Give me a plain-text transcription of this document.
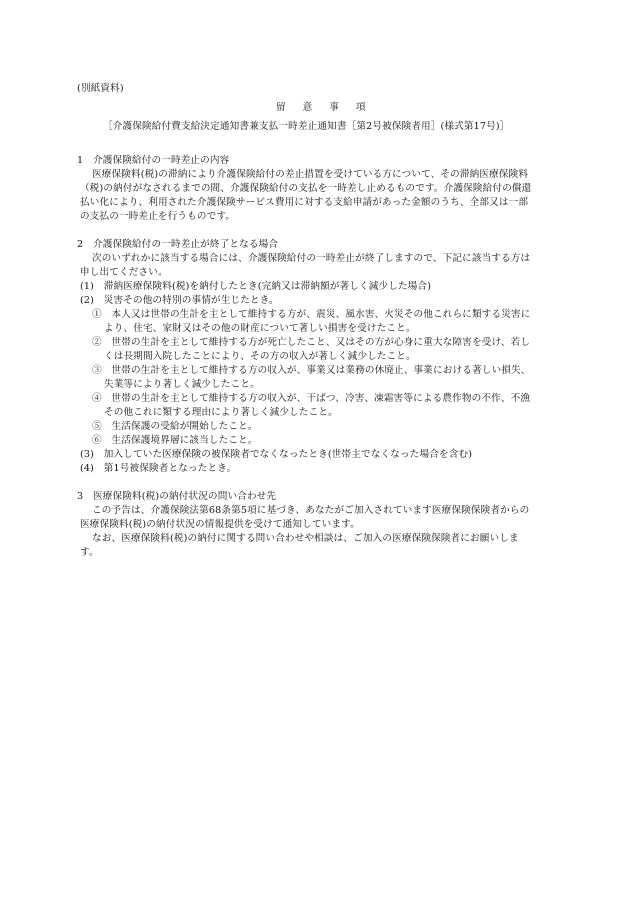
(別紙資料)
留 意 事 項
［介護保険給付費支給決定通知書兼支払一時差止通知書［第2号被保険者用］(様式第17号)］
1　介護保険給付の一時差止の内容
医療保険料(税)の滞納により介護保険給付の差止措置を受けている方について、その滞納医療保険料
（税)の納付がなされるまでの間、介護保険給付の支払を一時差し止めるものです。介護保険給付の償還
払い化により、利用された介護保険サービス費用に対する支給申請があった金額のうち、全部又は一部
の支払の一時差止を行うものです。
2　介護保険給付の一時差止が終了となる場合
次のいずれかに該当する場合には、介護保険給付の一時差止が終了しますので、下記に該当する方は
申し出てください。
(1)　滞納医療保険料(税)を納付したとき(完納又は滞納額が著しく減少した場合)
(2)　災害その他の特別の事情が生じたとき。
①　本人又は世帯の生計を主として維持する方が、震災、風水害、火災その他これらに類する災害に
より、住宅、家財又はその他の財産について著しい損害を受けたこと。
②　世帯の生計を主として維持する方が死亡したこと、又はその方が心身に重大な障害を受け、若し
くは長期間入院したことにより、その方の収入が著しく減少したこと。
③　世帯の生計を主として維持する方の収入が、事業又は業務の休廃止、事業における著しい損失、
失業等により著しく減少したこと。
④　世帯の生計を主として維持する方の収入が、干ばつ、冷害、凍霜害等による農作物の不作、不漁
その他これに類する理由により著しく減少したこと。
⑤　生活保護の受給が開始したこと。
⑥　生活保護境界層に該当したこと。
(3)　加入していた医療保険の被保険者でなくなったとき(世帯主でなくなった場合を含む)
(4)　第1号被保険者となったとき。
3　医療保険料(税)の納付状況の問い合わせ先
この予告は、介護保険法第68条第5項に基づき、あなたがご加入されています医療保険保険者からの
医療保険料(税)の納付状況の情報提供を受けて通知しています。
なお、医療保険料(税)の納付に関する問い合わせや相談は、ご加入の医療保険保険者にお願いしま
す。
